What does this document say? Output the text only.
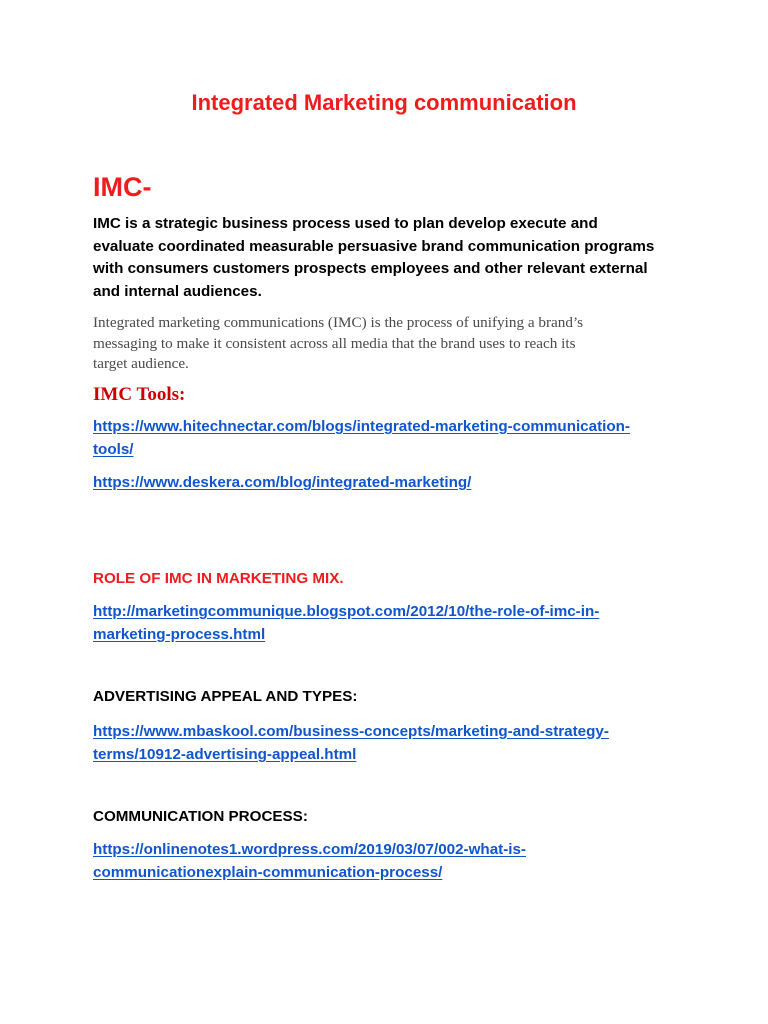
Integrated Marketing communication
IMC-

IMC is a strategic business process used to plan develop execute and
evaluate coordinated measurable persuasive brand communication programs
with consumers customers prospects employees and other relevant external
and internal audiences.

Integrated marketing communications (IMC) is the process of unifying a brand’s
messaging to make it consistent across all media that the brand uses to reach its
target audience.

IMC Tools:
https://www.hitechnectar.com/blogs/integrated-marketing-communication-
tools/
https://www.deskera.com/blog/integrated-marketing/
ROLE OF IMC IN MARKETING MIX.
http://marketingcommunique.blogspot.com/2012/10/the-role-of-imc-in-
marketing-process.html
ADVERTISING APPEAL AND TYPES:
https://www.mbaskool.com/business-concepts/marketing-and-strategy-
terms/10912-advertising-appeal.html
COMMUNICATION PROCESS:
https://onlinenotes1.wordpress.com/2019/03/07/002-what-is-
communicationexplain-communication-process/
